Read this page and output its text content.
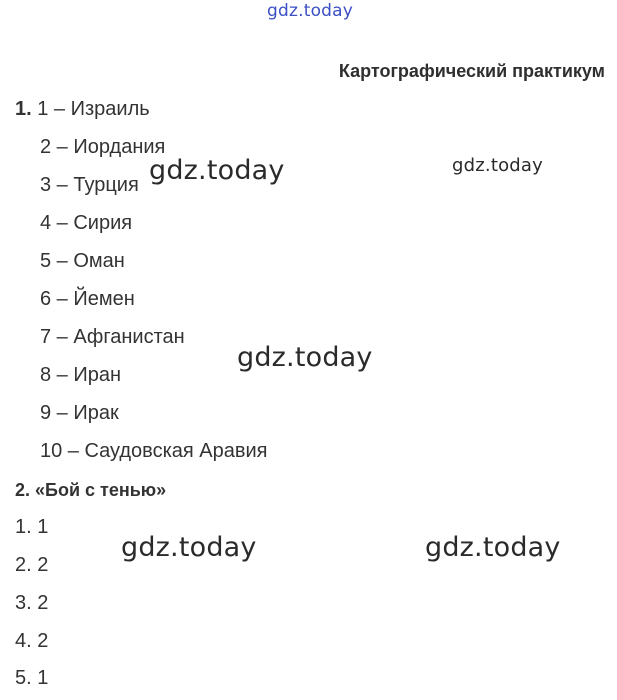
gdz.today
gdz.today	gdz.today
gdz.today
gdz.today	gdz.today
Картографический практикум
1. 1 – Израиль
2 – Иордания
3 – Турция
4 – Сирия
5 – Оман
6 – Йемен
7 – Афганистан
8 – Иран
9 – Ирак
10 – Саудовская Аравия
2. «Бой с тенью»
1. 1
2. 2
3. 2
4. 2
5. 1
